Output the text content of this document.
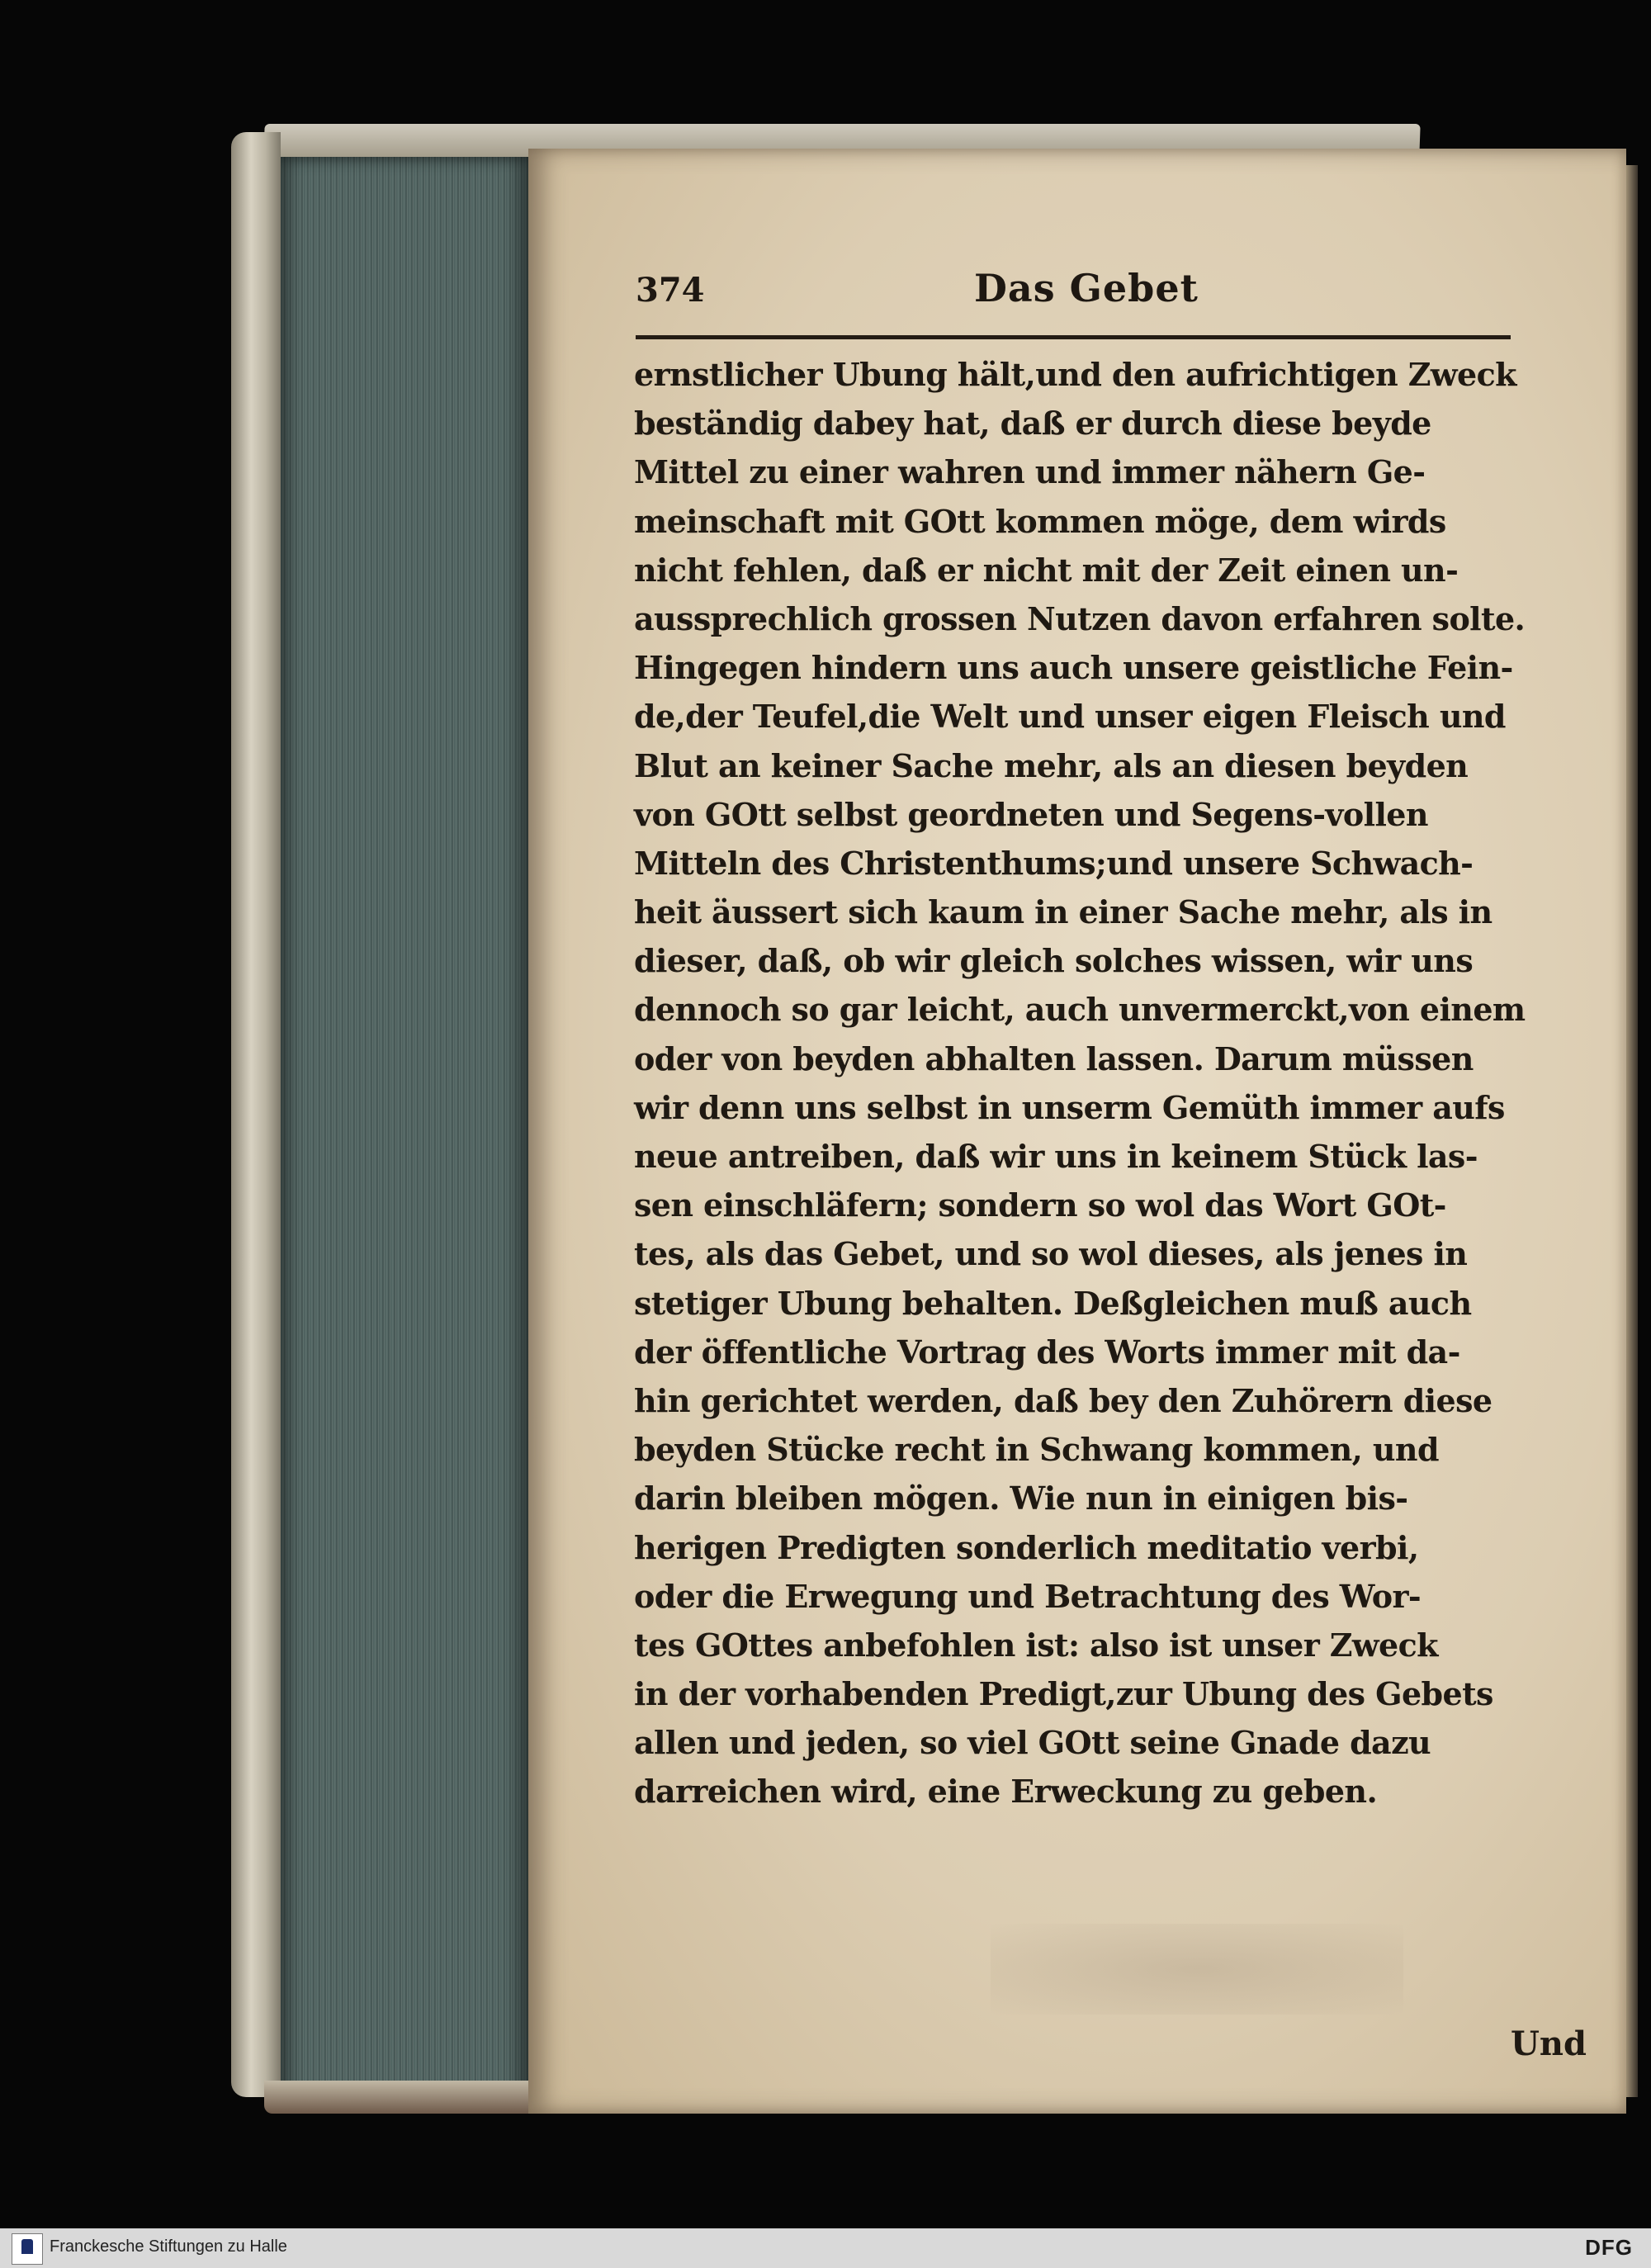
374	Das Gebet
ernstlicher Ubung hält,und den aufrichtigen Zweck
beständig dabey hat, daß er durch diese beyde
Mittel zu einer wahren und immer nähern Ge-
meinschaft mit GOtt kommen möge, dem wirds
nicht fehlen, daß er nicht mit der Zeit einen un-
aussprechlich grossen Nutzen davon erfahren solte.
Hingegen hindern uns auch unsere geistliche Fein-
de,der Teufel,die Welt und unser eigen Fleisch und
Blut an keiner Sache mehr, als an diesen beyden
von GOtt selbst geordneten und Segens-vollen
Mitteln des Christenthums;und unsere Schwach-
heit äussert sich kaum in einer Sache mehr, als in
dieser, daß, ob wir gleich solches wissen, wir uns
dennoch so gar leicht, auch unvermerckt,von einem
oder von beyden abhalten lassen. Darum müssen
wir denn uns selbst in unserm Gemüth immer aufs
neue antreiben, daß wir uns in keinem Stück las-
sen einschläfern; sondern so wol das Wort GOt-
tes, als das Gebet, und so wol dieses, als jenes in
stetiger Ubung behalten. Deßgleichen muß auch
der öffentliche Vortrag des Worts immer mit da-
hin gerichtet werden, daß bey den Zuhörern diese
beyden Stücke recht in Schwang kommen, und
darin bleiben mögen. Wie nun in einigen bis-
herigen Predigten sonderlich meditatio verbi,
oder die Erwegung und Betrachtung des Wor-
tes GOttes anbefohlen ist: also ist unser Zweck
in der vorhabenden Predigt,zur Ubung des Gebets
allen und jeden, so viel GOtt seine Gnade dazu
darreichen wird, eine Erweckung zu geben.
Und
Franckesche Stiftungen zu Halle	DFG
